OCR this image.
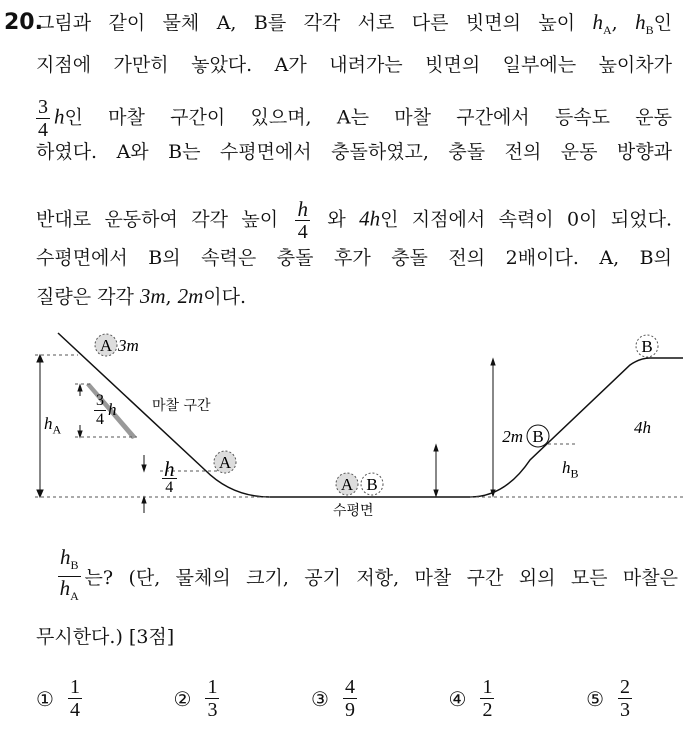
20.
그림과 같이 물체 A, B를 각각 서로 다른 빗면의 높이 $h_A$, $h_B$인
지점에 가만히 놓았다. A가 내려가는 빗면의 일부에는 높이차가
$\frac{3}{4}$ h인 마찰 구간이 있으며, A는 마찰 구간에서 등속도 운동
하였다. A와 B는 수평면에서 충돌하였고, 충돌 전의 운동 방향과
반대로 운동하여 각각 높이 $\frac{h}{4}$ 와 4h인 지점에서 속력이 0이 되었다.
수평면에서 B의 속력은 충돌 후가 충돌 전의 2배이다. A, B의
질량은 각각 3m, 2m이다.
A 3m
A
A B
B
2m
B
$h_A$
$\frac{3}{4}$ h	마찰 구간
h
4
수평면
$h_B$
4h
$\frac{h_B}{h_A}$ 는? (단, 물체의 크기, 공기 저항, 마찰 구간 외의 모든 마찰은
무시한다.) [3점]
① $\frac{1}{4}$	② $\frac{1}{3}$	③ $\frac{4}{9}$	④ $\frac{1}{2}$	⑤ $\frac{2}{3}$
